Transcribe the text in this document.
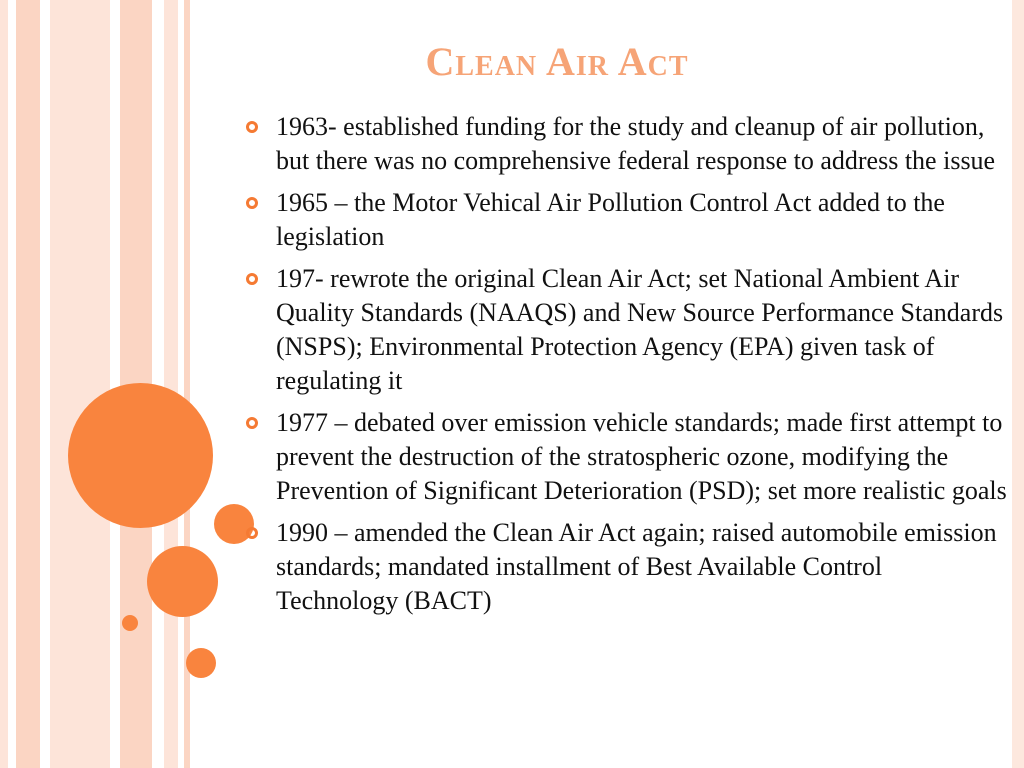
Clean Air Act
1963- established funding for the study and cleanup of air pollution, but there was no comprehensive federal response to address the issue
1965 – the Motor Vehical Air Pollution Control Act added to the legislation
197- rewrote the original Clean Air Act; set National Ambient Air Quality Standards (NAAQS) and New Source Performance Standards (NSPS); Environmental Protection Agency (EPA) given task of regulating it
1977 – debated over emission vehicle standards; made first attempt to prevent the destruction of the stratospheric ozone, modifying the Prevention of Significant Deterioration (PSD); set more realistic goals
1990 – amended the Clean Air Act again; raised automobile emission standards; mandated installment of Best Available Control Technology (BACT)
